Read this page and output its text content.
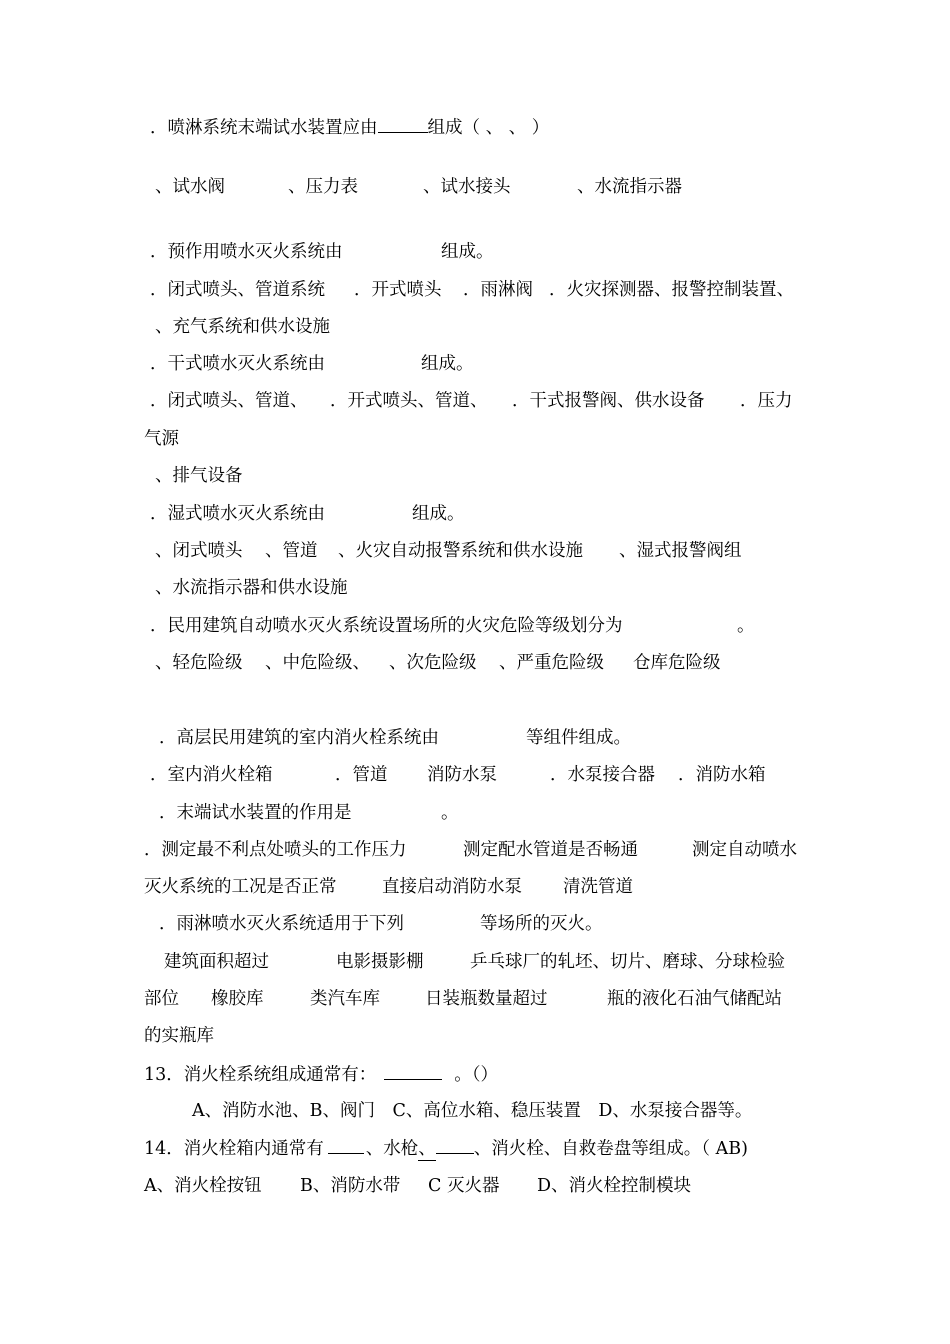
．喷淋系统末端试水装置应由	组成（ 、 、 ）
、试水阀	、压力表	、试水接头	、水流指示器
．预作用喷水灭火系统由	组成。
．闭式喷头、管道系统 ．开式喷头 ．雨淋阀 ．火灾探测器、报警控制装置、
、充气系统和供水设施
．干式喷水灭火系统由	组成。
．闭式喷头、管道、 ．开式喷头、管道、 ．干式报警阀、供水设备 ．压力
气源
、排气设备
．湿式喷水灭火系统由	组成。
、闭式喷头 、管道 、火灾自动报警系统和供水设施 、湿式报警阀组
、水流指示器和供水设施
．民用建筑自动喷水灭火系统设置场所的火灾危险等级划分为	。
、轻危险级 、中危险级、 、次危险级 、严重危险级 仓库危险级
．高层民用建筑的室内消火栓系统由	等组件组成。
．室内消火栓箱	．管道 消防水泵	．水泵接合器 ．消防水箱
．末端试水装置的作用是	。
．测定最不利点处喷头的工作压力	测定配水管道是否畅通	测定自动喷水
灭火系统的工况是否正常	直接启动消防水泵 清洗管道
．雨淋喷水灭火系统适用于下列	等场所的灭火。
建筑面积超过	电影摄影棚	乒乓球厂的轧坯、切片、磨球、分球检验
部位 橡胶库	类汽车库	日装瓶数量超过	瓶的液化石油气储配站
的实瓶库
13．消火栓系统组成通常有：	。（）
A、消防水池、B、阀门　C、高位水箱、稳压装置　D、水泵接合器等。
14．消火栓箱内通常有 、水枪、 、消火栓、自救卷盘等组成。（ AB)
A、消火栓按钮 B、消防水带 C 灭火器 D、消火栓控制模块
